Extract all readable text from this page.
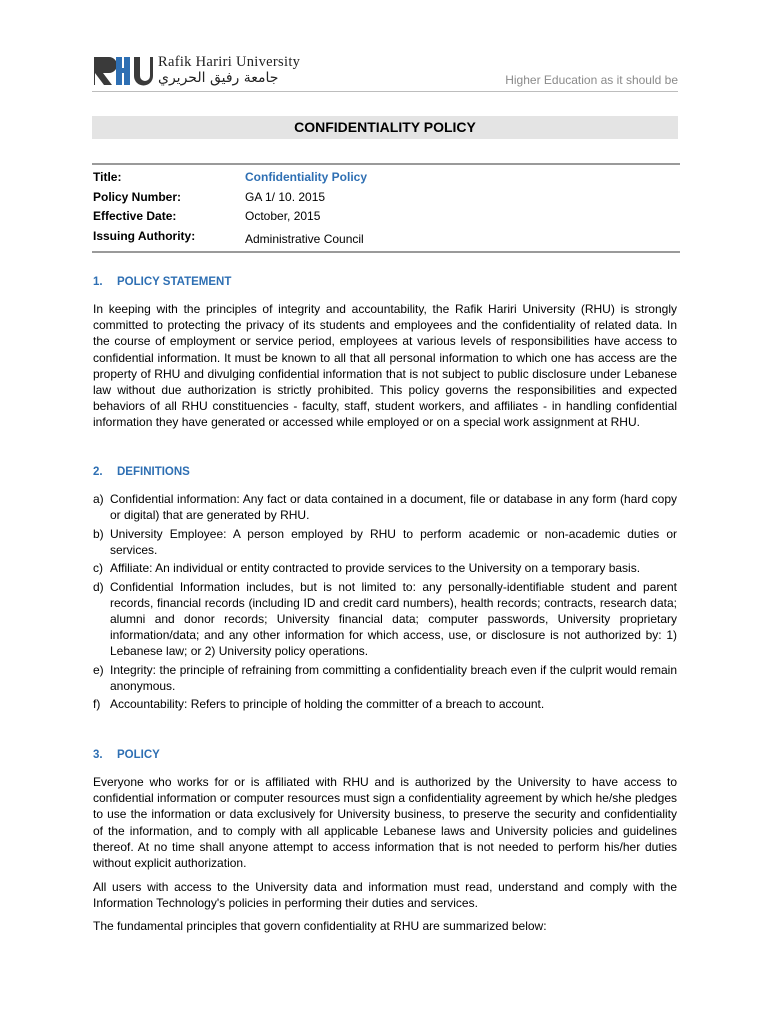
Rafik Hariri University
جامعة رفيق الحريري	Higher Education as it should be
CONFIDENTIALITY POLICY
Title:	Confidentiality Policy
Policy Number:	GA 1/ 10. 2015
Effective Date:	October, 2015
Issuing Authority:	Administrative Council
1. POLICY STATEMENT
In keeping with the principles of integrity and accountability, the Rafik Hariri University (RHU) is strongly committed to protecting the privacy of its students and employees and the confidentiality of related data. In the course of employment or service period, employees at various levels of responsibilities have access to confidential information. It must be known to all that all personal information to which one has access are the property of RHU and divulging confidential information that is not subject to public disclosure under Lebanese law without due authorization is strictly prohibited. This policy governs the responsibilities and expected behaviors of all RHU constituencies - faculty, staff, student workers, and affiliates - in handling confidential information they have generated or accessed while employed or on a special work assignment at RHU.
2. DEFINITIONS
a) Confidential information: Any fact or data contained in a document, file or database in any form (hard copy or digital) that are generated by RHU.
b) University Employee: A person employed by RHU to perform academic or non-academic duties or services.
c) Affiliate: An individual or entity contracted to provide services to the University on a temporary basis.
d) Confidential Information includes, but is not limited to: any personally-identifiable student and parent records, financial records (including ID and credit card numbers), health records; contracts, research data; alumni and donor records; University financial data; computer passwords, University proprietary information/data; and any other information for which access, use, or disclosure is not authorized by: 1) Lebanese law; or 2) University policy operations.
e) Integrity: the principle of refraining from committing a confidentiality breach even if the culprit would remain anonymous.
f) Accountability: Refers to principle of holding the committer of a breach to account.
3. POLICY
Everyone who works for or is affiliated with RHU and is authorized by the University to have access to confidential information or computer resources must sign a confidentiality agreement by which he/she pledges to use the information or data exclusively for University business, to preserve the security and confidentiality of the information, and to comply with all applicable Lebanese laws and University policies and guidelines thereof. At no time shall anyone attempt to access information that is not needed to perform his/her duties without explicit authorization.
All users with access to the University data and information must read, understand and comply with the Information Technology's policies in performing their duties and services.
The fundamental principles that govern confidentiality at RHU are summarized below:
